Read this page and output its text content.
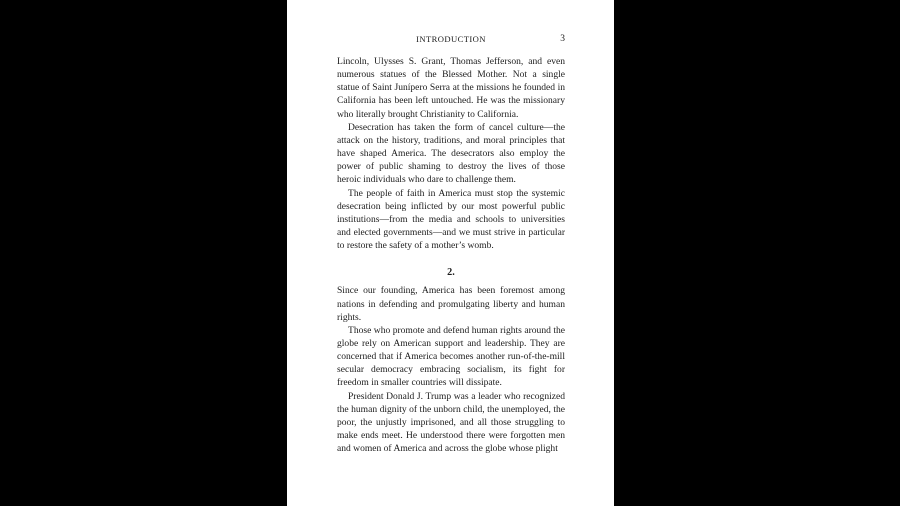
INTRODUCTION	3

Lincoln, Ulysses S. Grant, Thomas Jefferson, and even numerous statues of the Blessed Mother. Not a single statue of Saint Junípero Serra at the missions he founded in California has been left untouched. He was the missionary who literally brought Christianity to California.

Desecration has taken the form of cancel culture—the attack on the history, traditions, and moral principles that have shaped America. The desecrators also employ the power of public shaming to destroy the lives of those heroic individuals who dare to challenge them.

The people of faith in America must stop the systemic desecration being inflicted by our most powerful public institutions—from the media and schools to universities and elected governments—and we must strive in particular to restore the safety of a mother’s womb.

2.

Since our founding, America has been foremost among nations in defending and promulgating liberty and human rights.

Those who promote and defend human rights around the globe rely on American support and leadership. They are concerned that if America becomes another run-of-the-mill secular democracy embracing socialism, its fight for freedom in smaller countries will dissipate.

President Donald J. Trump was a leader who recognized the human dignity of the unborn child, the unemployed, the poor, the unjustly imprisoned, and all those struggling to make ends meet. He understood there were forgotten men and women of America and across the globe whose plight
